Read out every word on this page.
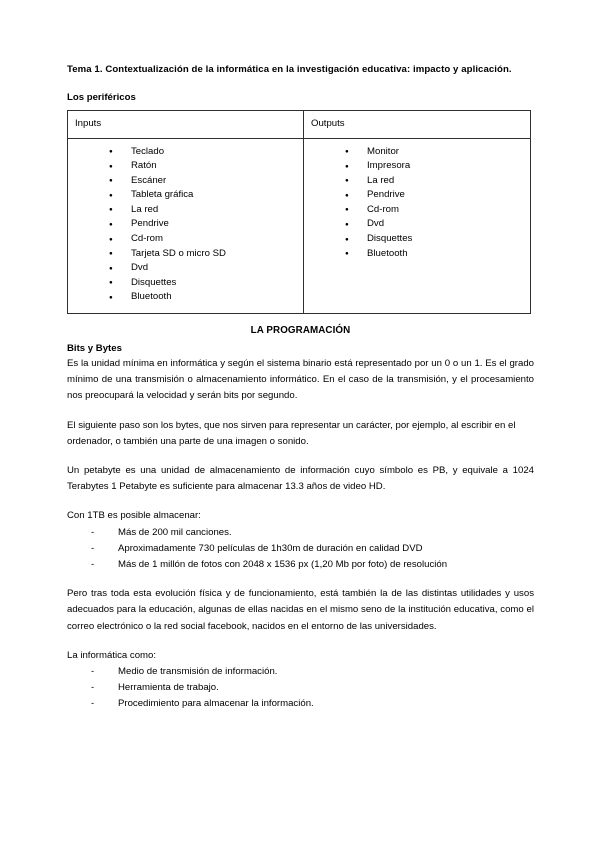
Tema 1. Contextualización de la informática en la investigación educativa: impacto y aplicación.
Los periféricos
Inputs	Outputs

● Teclado
● Ratón
● Escáner
● Tableta gráfica
● La red
● Pendrive
● Cd-rom
● Tarjeta SD o micro SD
● Dvd
● Disquettes
● Bluetooth

● Monitor
● Impresora
● La red
● Pendrive
● Cd-rom
● Dvd
● Disquettes
● Bluetooth
LA PROGRAMACIÓN
Bits y Bytes

Es la unidad mínima en informática y según el sistema binario está representado por un 0 o un 1. Es el grado mínimo de una transmisión o almacenamiento informático. En el caso de la transmisión, y el procesamiento nos preocupará la velocidad y serán bits por segundo.

El siguiente paso son los bytes, que nos sirven para representar un carácter, por ejemplo, al escribir en el ordenador, o también una parte de una imagen o sonido.

Un petabyte es una unidad de almacenamiento de información cuyo símbolo es PB, y equivale a 1024 Terabytes 1 Petabyte es suficiente para almacenar 13.3 años de video HD.

Con 1TB es posible almacenar:

- Más de 200 mil canciones.
- Aproximadamente 730 películas de 1h30m de duración en calidad DVD
- Más de 1 millón de fotos con 2048 x 1536 px (1,20 Mb por foto) de resolución

Pero tras toda esta evolución física y de funcionamiento, está también la de las distintas utilidades y usos adecuados para la educación, algunas de ellas nacidas en el mismo seno de la institución educativa, como el correo electrónico o la red social facebook, nacidos en el entorno de las universidades.

La informática como:

- Medio de transmisión de información.
- Herramienta de trabajo.
- Procedimiento para almacenar la información.
